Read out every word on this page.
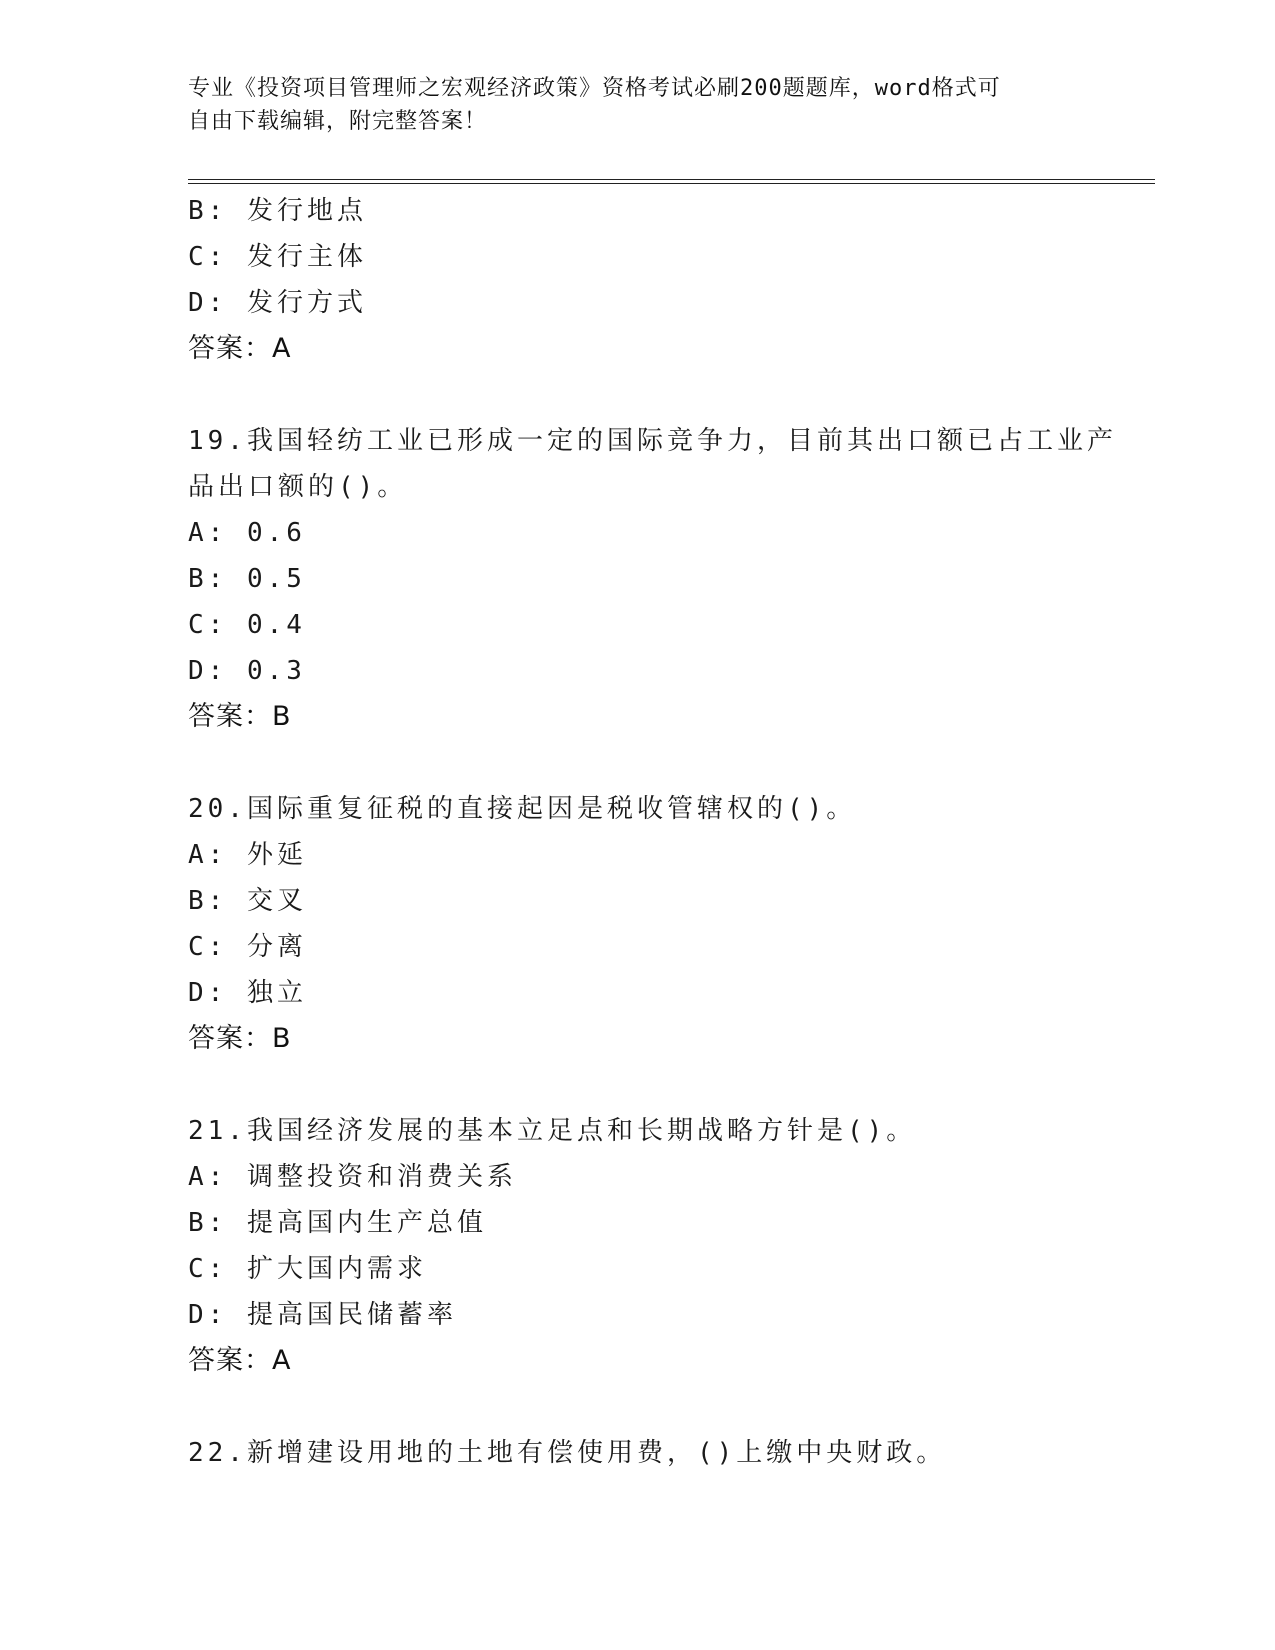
专业《投资项目管理师之宏观经济政策》资格考试必刷200题题库，word格式可
自由下载编辑，附完整答案！
B: 发行地点
C: 发行主体
D: 发行方式
答案：A
19.我国轻纺工业已形成一定的国际竞争力，目前其出口额已占工业产
品出口额的()。
A: 0.6
B: 0.5
C: 0.4
D: 0.3
答案：B
20.国际重复征税的直接起因是税收管辖权的()。
A: 外延
B: 交叉
C: 分离
D: 独立
答案：B
21.我国经济发展的基本立足点和长期战略方针是()。
A: 调整投资和消费关系
B: 提高国内生产总值
C: 扩大国内需求
D: 提高国民储蓄率
答案：A
22.新增建设用地的土地有偿使用费，()上缴中央财政。
